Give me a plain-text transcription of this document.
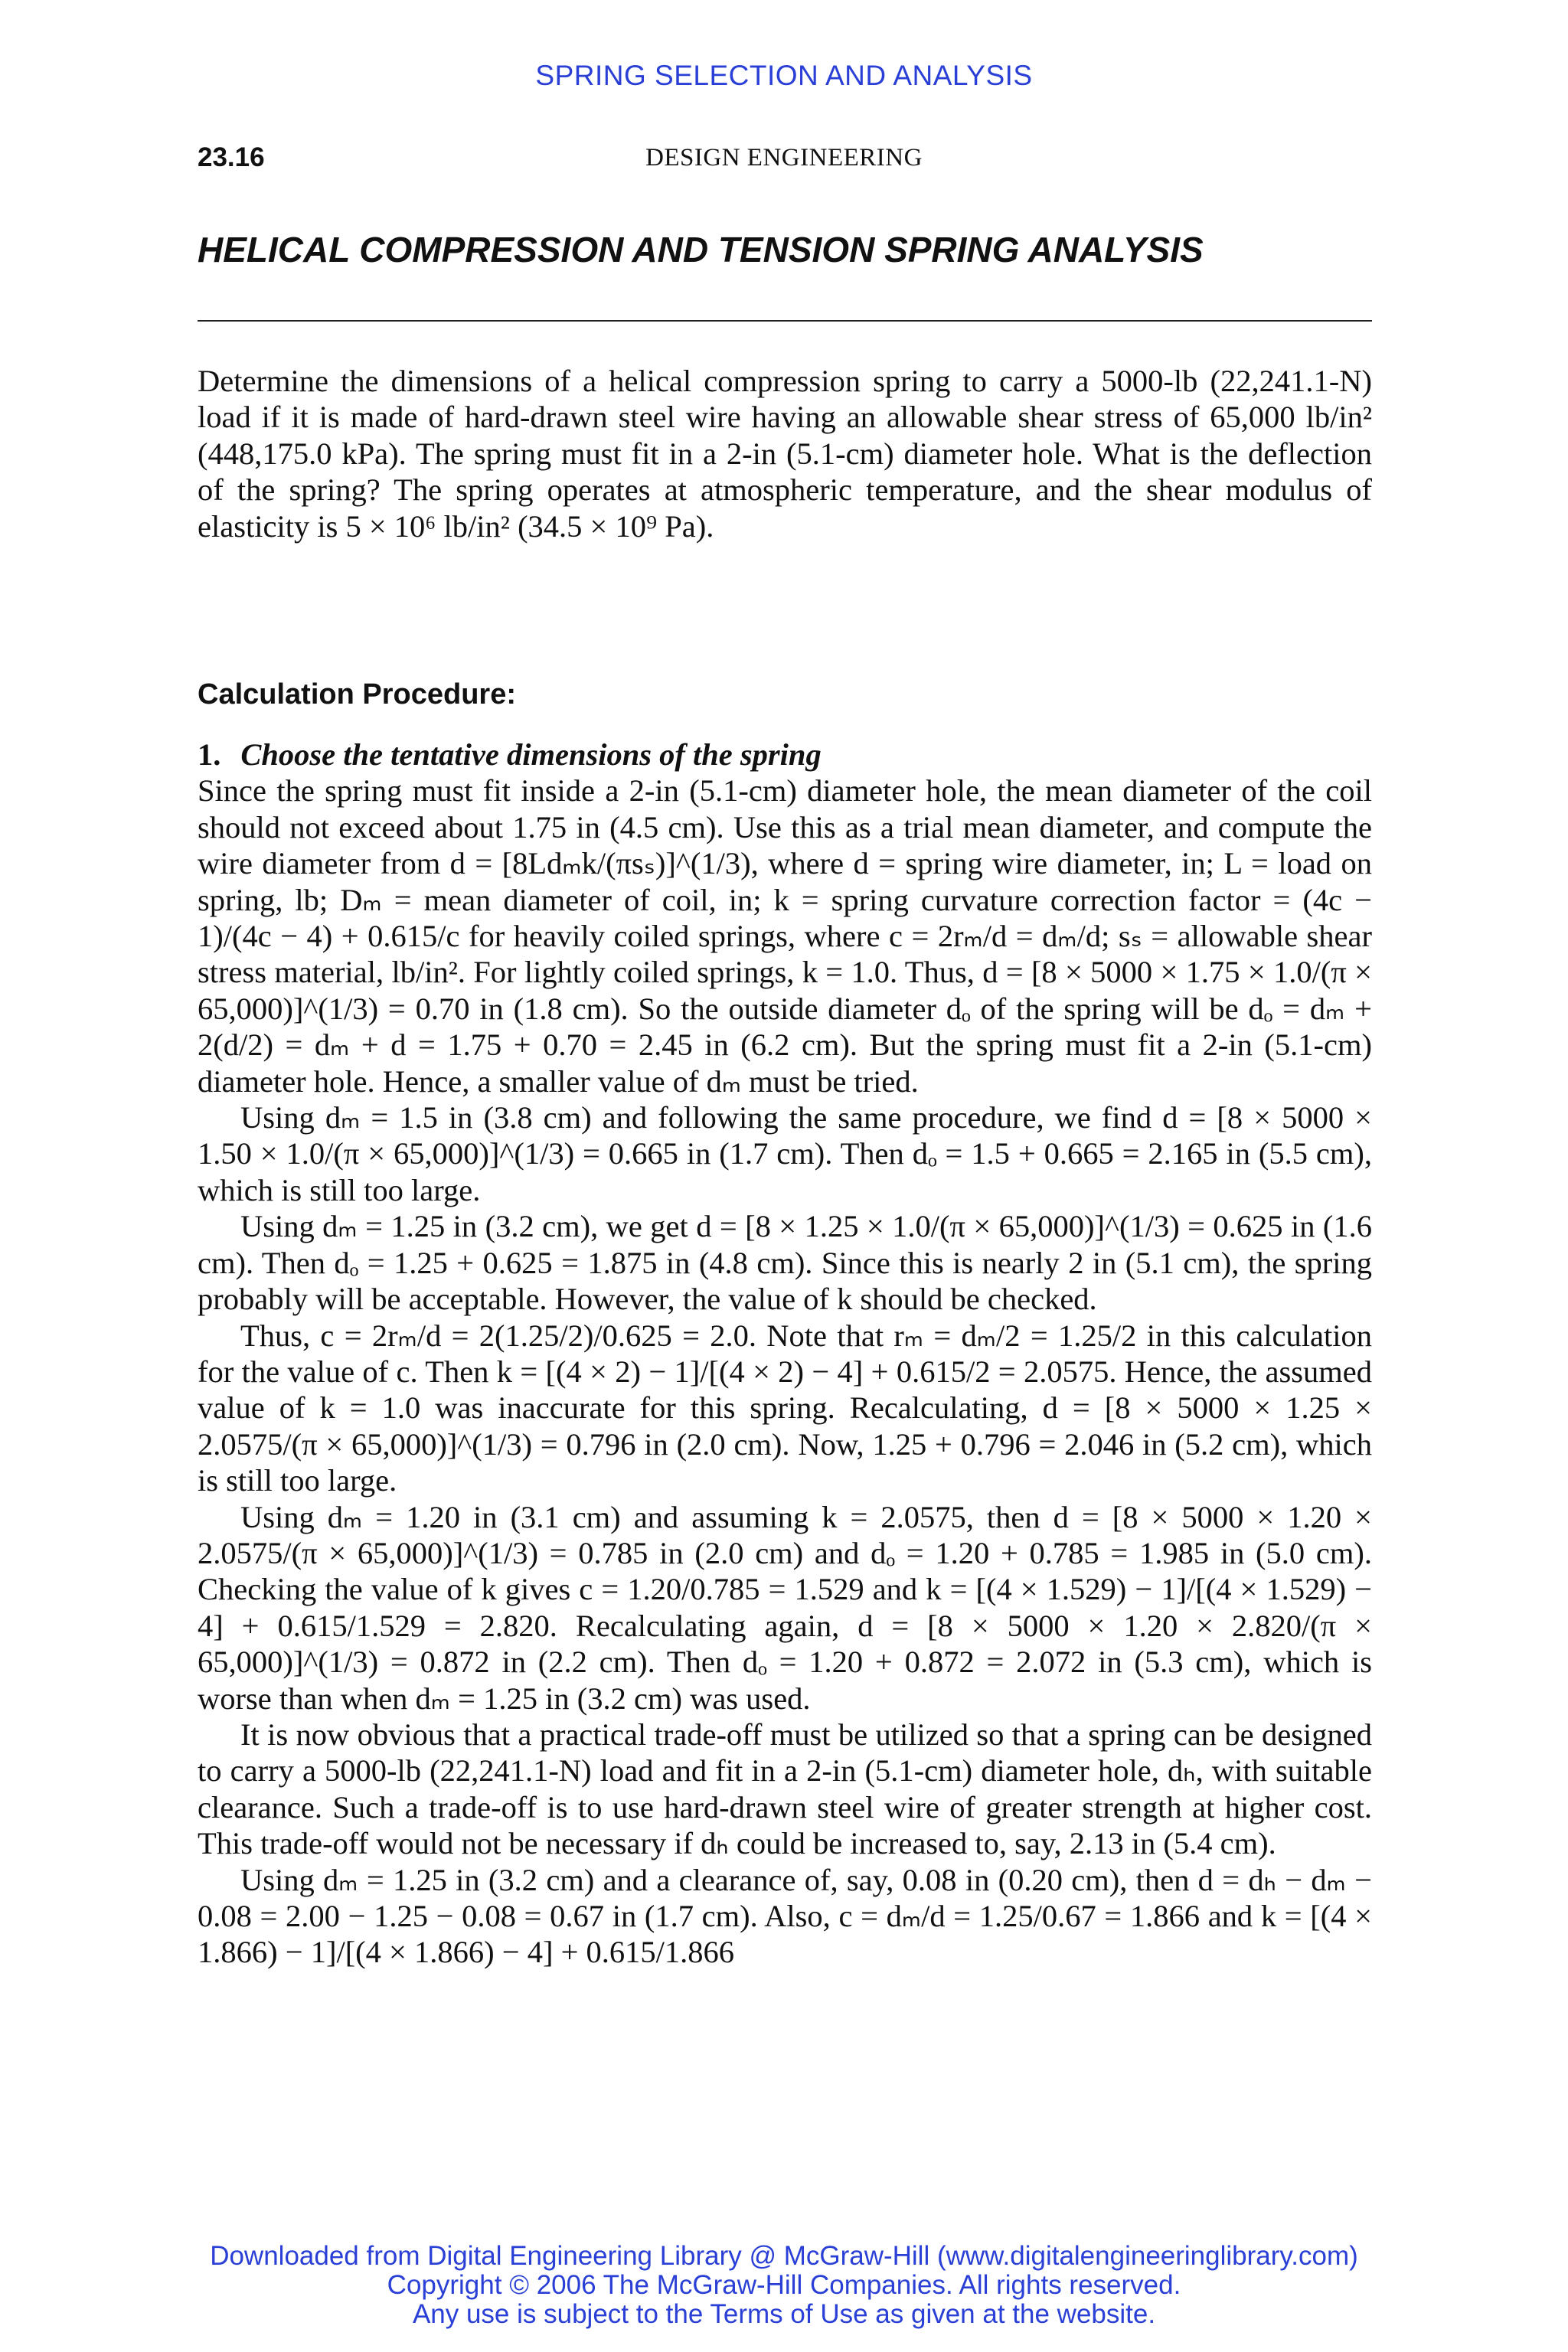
SPRING SELECTION AND ANALYSIS
23.16	DESIGN ENGINEERING
HELICAL COMPRESSION AND TENSION SPRING ANALYSIS

Determine the dimensions of a helical compression spring to carry a 5000-lb (22,241.1-N) load if it is made of hard-drawn steel wire having an allowable shear stress of 65,000 lb/in² (448,175.0 kPa). The spring must fit in a 2-in (5.1-cm) diameter hole. What is the deflection of the spring? The spring operates at atmospheric temperature, and the shear modulus of elasticity is 5 × 10⁶ lb/in² (34.5 × 10⁹ Pa).

Calculation Procedure:

1. Choose the tentative dimensions of the spring

Since the spring must fit inside a 2-in (5.1-cm) diameter hole, the mean diameter of the coil should not exceed about 1.75 in (4.5 cm). Use this as a trial mean diameter, and compute the wire diameter from d = [8Ldₘk/(πsₛ)]^(1/3), where d = spring wire diameter, in; L = load on spring, lb; Dₘ = mean diameter of coil, in; k = spring curvature correction factor = (4c − 1)/(4c − 4) + 0.615/c for heavily coiled springs, where c = 2rₘ/d = dₘ/d; sₛ = allowable shear stress material, lb/in². For lightly coiled springs, k = 1.0. Thus, d = [8 × 5000 × 1.75 × 1.0/(π × 65,000)]^(1/3) = 0.70 in (1.8 cm). So the outside diameter dₒ of the spring will be dₒ = dₘ + 2(d/2) = dₘ + d = 1.75 + 0.70 = 2.45 in (6.2 cm). But the spring must fit a 2-in (5.1-cm) diameter hole. Hence, a smaller value of dₘ must be tried.

Using dₘ = 1.5 in (3.8 cm) and following the same procedure, we find d = [8 × 5000 × 1.50 × 1.0/(π × 65,000)]^(1/3) = 0.665 in (1.7 cm). Then dₒ = 1.5 + 0.665 = 2.165 in (5.5 cm), which is still too large.

Using dₘ = 1.25 in (3.2 cm), we get d = [8 × 1.25 × 1.0/(π × 65,000)]^(1/3) = 0.625 in (1.6 cm). Then dₒ = 1.25 + 0.625 = 1.875 in (4.8 cm). Since this is nearly 2 in (5.1 cm), the spring probably will be acceptable. However, the value of k should be checked.

Thus, c = 2rₘ/d = 2(1.25/2)/0.625 = 2.0. Note that rₘ = dₘ/2 = 1.25/2 in this calculation for the value of c. Then k = [(4 × 2) − 1]/[(4 × 2) − 4] + 0.615/2 = 2.0575. Hence, the assumed value of k = 1.0 was inaccurate for this spring. Recalculating, d = [8 × 5000 × 1.25 × 2.0575/(π × 65,000)]^(1/3) = 0.796 in (2.0 cm). Now, 1.25 + 0.796 = 2.046 in (5.2 cm), which is still too large.

Using dₘ = 1.20 in (3.1 cm) and assuming k = 2.0575, then d = [8 × 5000 × 1.20 × 2.0575/(π × 65,000)]^(1/3) = 0.785 in (2.0 cm) and dₒ = 1.20 + 0.785 = 1.985 in (5.0 cm). Checking the value of k gives c = 1.20/0.785 = 1.529 and k = [(4 × 1.529) − 1]/[(4 × 1.529) − 4] + 0.615/1.529 = 2.820. Recalculating again, d = [8 × 5000 × 1.20 × 2.820/(π × 65,000)]^(1/3) = 0.872 in (2.2 cm). Then dₒ = 1.20 + 0.872 = 2.072 in (5.3 cm), which is worse than when dₘ = 1.25 in (3.2 cm) was used.

It is now obvious that a practical trade-off must be utilized so that a spring can be designed to carry a 5000-lb (22,241.1-N) load and fit in a 2-in (5.1-cm) diameter hole, dₕ, with suitable clearance. Such a trade-off is to use hard-drawn steel wire of greater strength at higher cost. This trade-off would not be necessary if dₕ could be increased to, say, 2.13 in (5.4 cm).

Using dₘ = 1.25 in (3.2 cm) and a clearance of, say, 0.08 in (0.20 cm), then d = dₕ − dₘ − 0.08 = 2.00 − 1.25 − 0.08 = 0.67 in (1.7 cm). Also, c = dₘ/d = 1.25/0.67 = 1.866 and k = [(4 × 1.866) − 1]/[(4 × 1.866) − 4] + 0.615/1.866

Downloaded from Digital Engineering Library @ McGraw-Hill (www.digitalengineeringlibrary.com)
Copyright © 2006 The McGraw-Hill Companies. All rights reserved.
Any use is subject to the Terms of Use as given at the website.
